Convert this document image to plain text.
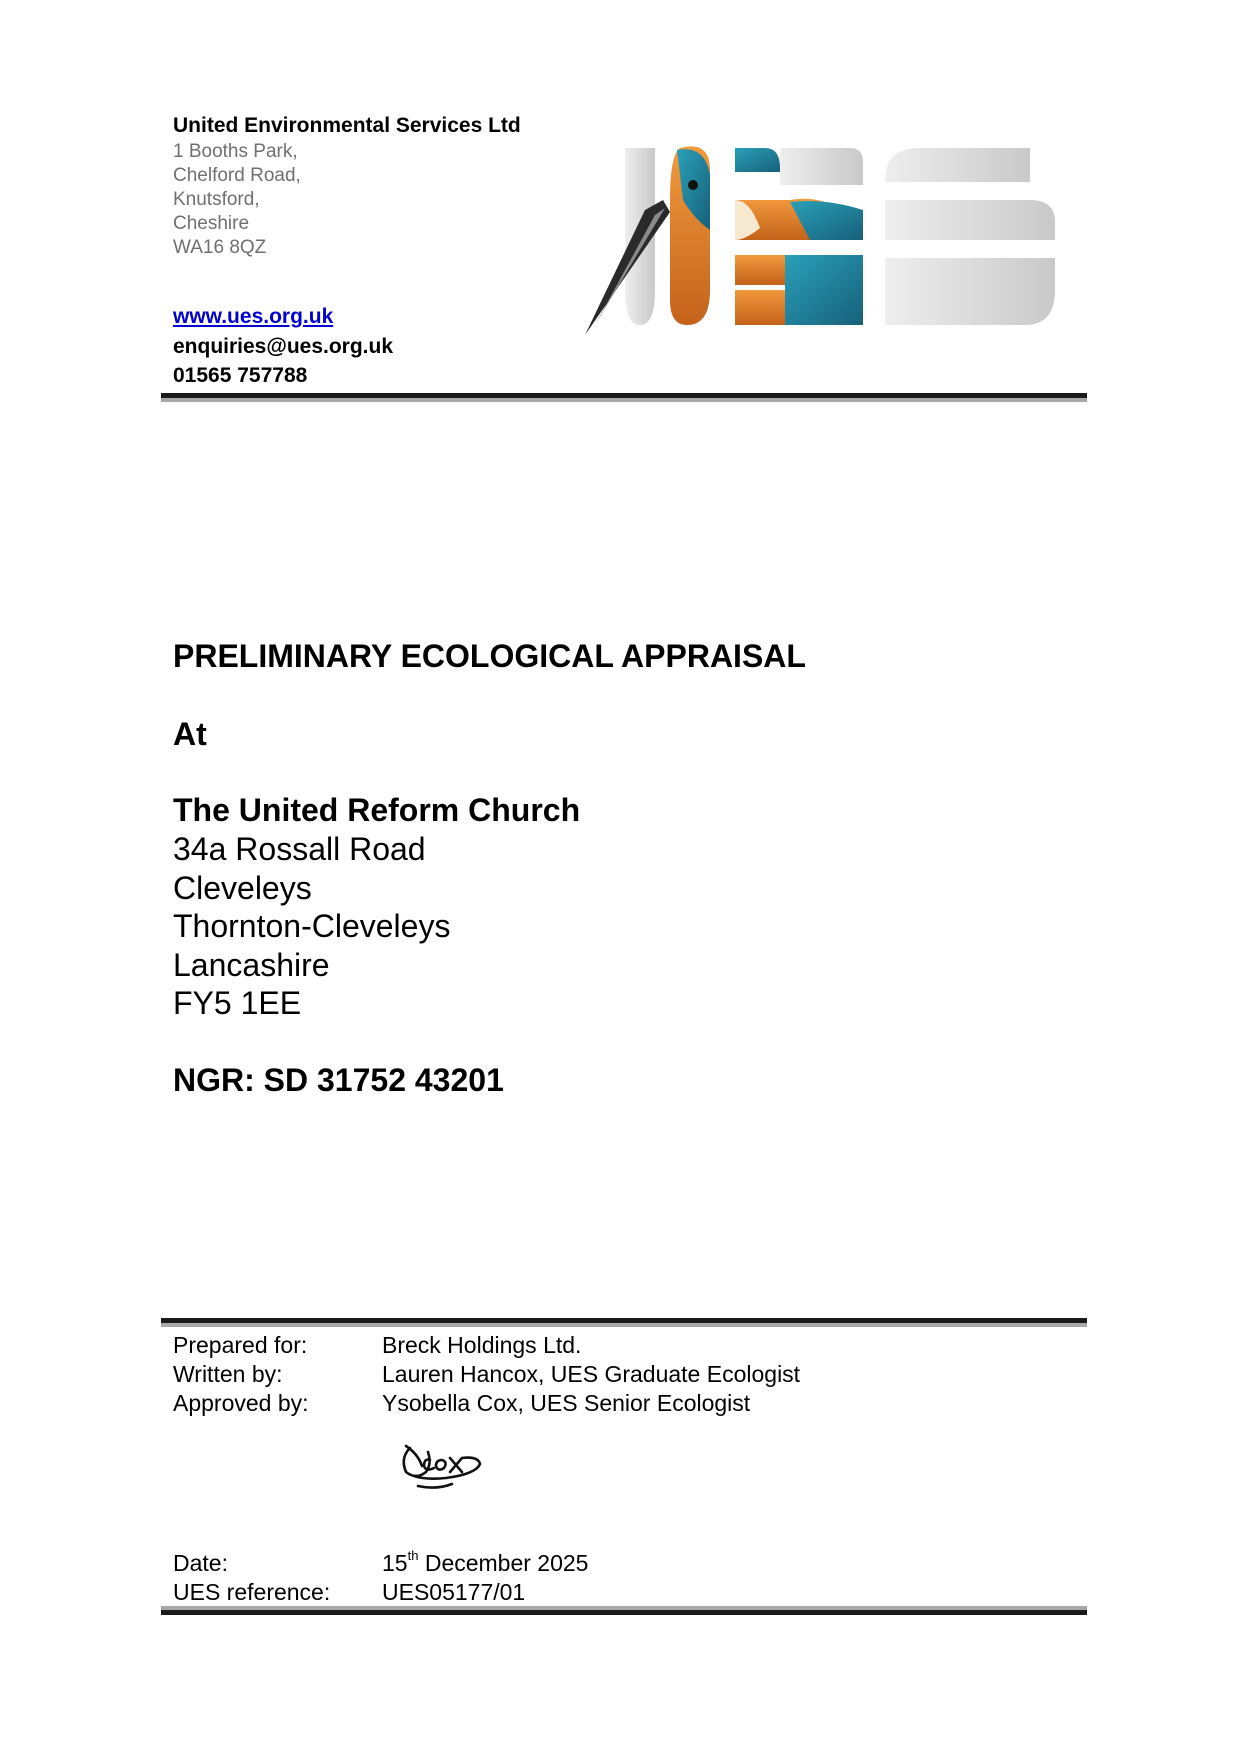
United Environmental Services Ltd
1 Booths Park,
Chelford Road,
Knutsford,
Cheshire
WA16 8QZ
www.ues.org.uk
enquiries@ues.org.uk
01565 757788
PRELIMINARY ECOLOGICAL APPRAISAL
At
The United Reform Church
34a Rossall Road
Cleveleys
Thornton-Cleveleys
Lancashire
FY5 1EE
NGR: SD 31752 43201
Prepared for:	Breck Holdings Ltd.
Written by:	Lauren Hancox, UES Graduate Ecologist
Approved by:	Ysobella Cox, UES Senior Ecologist
Date:	15th December 2025
UES reference: UES05177/01
